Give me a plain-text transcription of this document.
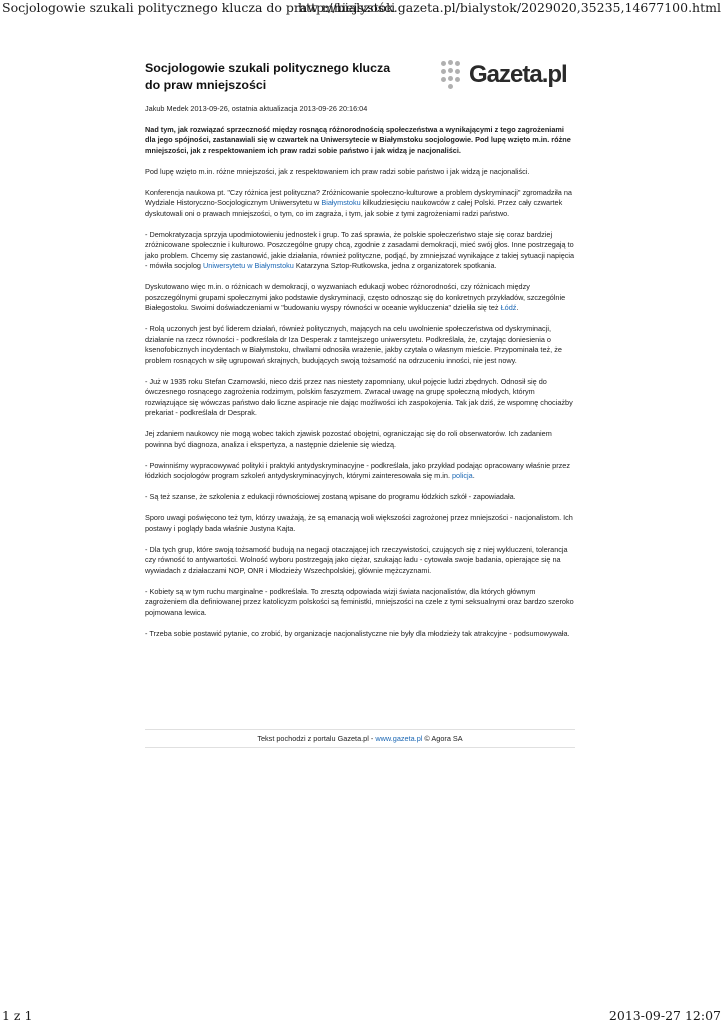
Socjologowie szukali politycznego klucza do praw mniejszości
http://bialystok.gazeta.pl/bialystok/2029020,35235,14677100.html
Gazeta.pl
Socjologowie szukali politycznego klucza do praw mniejszości
Jakub Medek 2013-09-26, ostatnia aktualizacja 2013-09-26 20:16:04

Nad tym, jak rozwiązać sprzeczność między rosnącą różnorodnością społeczeństwa a wynikającymi z tego zagrożeniami dla jego spójności, zastanawiali się w czwartek na Uniwersytecie w Białymstoku socjologowie. Pod lupę wzięto m.in. różne mniejszości, jak z respektowaniem ich praw radzi sobie państwo i jak widzą je nacjonaliści.

Pod lupę wzięto m.in. różne mniejszości, jak z respektowaniem ich praw radzi sobie państwo i jak widzą je nacjonaliści.

Konferencja naukowa pt. "Czy różnica jest polityczna? Zróżnicowanie społeczno-kulturowe a problem dyskryminacji" zgromadziła na Wydziale Historyczno-Socjologicznym Uniwersytetu w Białymstoku kilkudziesięciu naukowców z całej Polski. Przez cały czwartek dyskutowali oni o prawach mniejszości, o tym, co im zagraża, i tym, jak sobie z tymi zagrożeniami radzi państwo.

- Demokratyzacja sprzyja upodmiotowieniu jednostek i grup. To zaś sprawia, że polskie społeczeństwo staje się coraz bardziej zróżnicowane społecznie i kulturowo. Poszczególne grupy chcą, zgodnie z zasadami demokracji, mieć swój głos. Inne postrzegają to jako problem. Chcemy się zastanowić, jakie działania, również polityczne, podjąć, by zmniejszać wynikające z takiej sytuacji napięcia - mówiła socjolog Uniwersytetu w Białymstoku Katarzyna Sztop-Rutkowska, jedna z organizatorek spotkania.

Dyskutowano więc m.in. o różnicach w demokracji, o wyzwaniach edukacji wobec różnorodności, czy różnicach między poszczególnymi grupami społecznymi jako podstawie dyskryminacji, często odnosząc się do konkretnych przykładów, szczególnie Białegostoku. Swoimi doświadczeniami w "budowaniu wyspy równości w oceanie wykluczenia" dzieliła się też Łódź.

- Rolą uczonych jest być liderem działań, również politycznych, mających na celu uwolnienie społeczeństwa od dyskryminacji, działanie na rzecz równości - podkreślała dr Iza Desperak z tamtejszego uniwersytetu. Podkreślała, że, czytając doniesienia o ksenofobicznych incydentach w Białymstoku, chwilami odnosiła wrażenie, jakby czytała o własnym mieście. Przypominała też, że problem rosnących w siłę ugrupowań skrajnych, budujących swoją tożsamość na odrzuceniu inności, nie jest nowy.

- Już w 1935 roku Stefan Czarnowski, nieco dziś przez nas niestety zapomniany, ukuł pojęcie ludzi zbędnych. Odnosił się do ówczesnego rosnącego zagrożenia rodzimym, polskim faszyzmem. Zwracał uwagę na grupę społeczną młodych, którym rozwiązujące się wówczas państwo dało liczne aspiracje nie dając możliwości ich zaspokojenia. Tak jak dziś, że wspomnę chociażby prekariat - podkreślała dr Desprak.

Jej zdaniem naukowcy nie mogą wobec takich zjawisk pozostać obojętni, ograniczając się do roli obserwatorów. Ich zadaniem powinna być diagnoza, analiza i ekspertyza, a następnie dzielenie się wiedzą.

- Powinniśmy wypracowywać polityki i praktyki antydyskryminacyjne - podkreślała, jako przykład podając opracowany właśnie przez łódzkich socjologów program szkoleń antydyskryminacyjnych, którymi zainteresowała się m.in. policja.

- Są też szanse, że szkolenia z edukacji równościowej zostaną wpisane do programu łódzkich szkół - zapowiadała.

Sporo uwagi poświęcono też tym, którzy uważają, że są emanacją woli większości zagrożonej przez mniejszości - nacjonalistom. Ich postawy i poglądy bada właśnie Justyna Kajta.

- Dla tych grup, które swoją tożsamość budują na negacji otaczającej ich rzeczywistości, czujących się z niej wykluczeni, tolerancja czy równość to antywartości. Wolność wyboru postrzegają jako ciężar, szukając ładu - cytowała swoje badania, opierające się na wywiadach z działaczami NOP, ONR i Młodzieży Wszechpolskiej, głównie mężczyznami.

- Kobiety są w tym ruchu marginalne - podkreślała. To zresztą odpowiada wizji świata nacjonalistów, dla których głównym zagrożeniem dla definiowanej przez katolicyzm polskości są feministki, mniejszości na czele z tymi seksualnymi oraz bardzo szeroko pojmowana lewica.

- Trzeba sobie postawić pytanie, co zrobić, by organizacje nacjonalistyczne nie były dla młodzieży tak atrakcyjne - podsumowywała.

Tekst pochodzi z portalu Gazeta.pl - www.gazeta.pl © Agora SA
1 z 1	2013-09-27 12:07
